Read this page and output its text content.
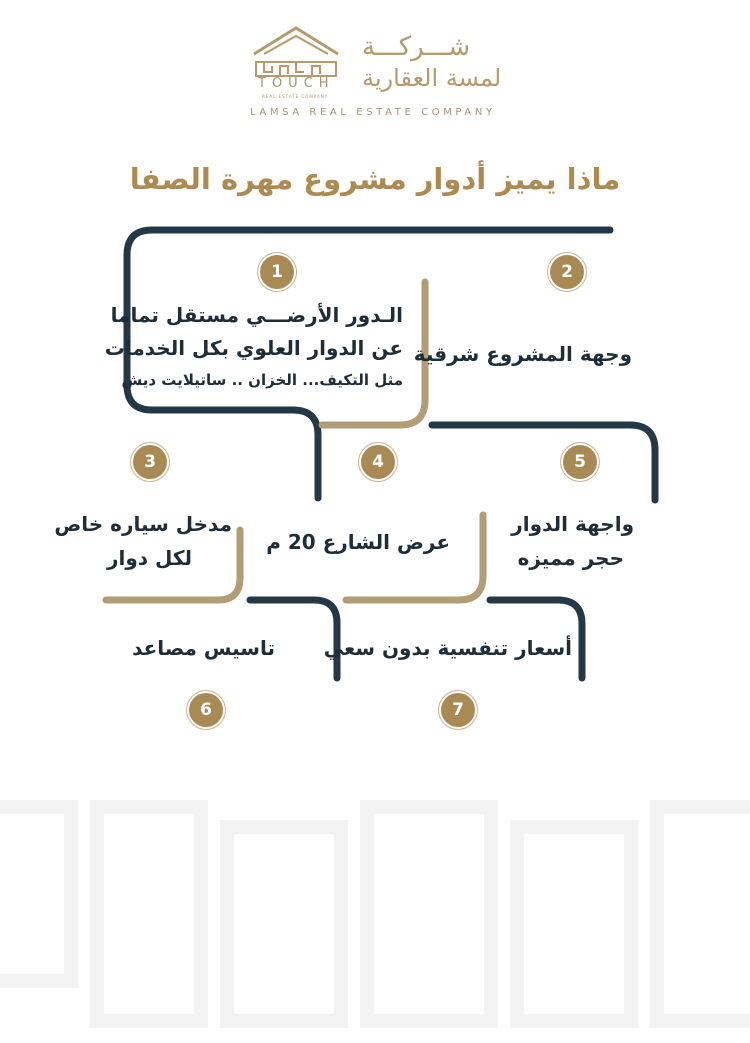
TOUCH
REAL ESTATE COMPANY
شـــركـــة
لمسة العقارية
LAMSA REAL ESTATE COMPANY
ماذا يميز أدوار مشروع مهرة الصفا
1	2
3	4	5
6	7
الـدور الأرضـــي مستقل تماما
عن الدوار العلوي بكل الخدمات
مثل التكيف... الخزان .. ساتيلايت ديش
وجهة المشروع شرقية
مدخل سياره خاص
لكل دوار
عرض الشارع 20 م
واجهة الدوار
حجر مميزه
تاسيس مصاعد أسعار تنفسية بدون سعي
